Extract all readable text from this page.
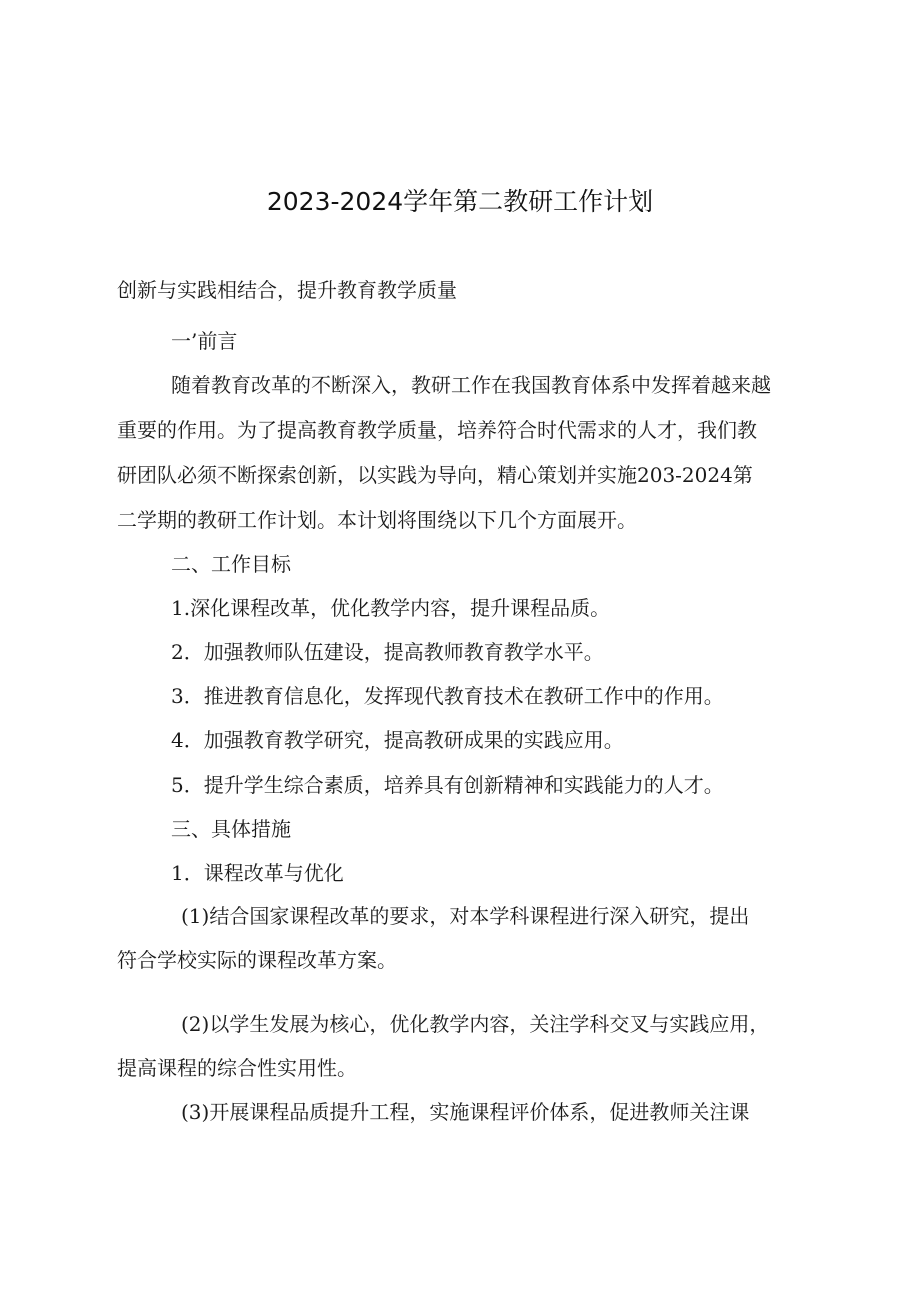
2023-2024学年第二教研工作计划
创新与实践相结合，提升教育教学质量
一’前言
随着教育改革的不断深入，教研工作在我国教育体系中发挥着越来越
重要的作用。为了提高教育教学质量，培养符合时代需求的人才，我们教
研团队必须不断探索创新，以实践为导向，精心策划并实施203-2024第
二学期的教研工作计划。本计划将围绕以下几个方面展开。
二、工作目标
1.深化课程改革，优化教学内容，提升课程品质。
2．加强教师队伍建设，提高教师教育教学水平。
3．推进教育信息化，发挥现代教育技术在教研工作中的作用。
4．加强教育教学研究，提高教研成果的实践应用。
5．提升学生综合素质，培养具有创新精神和实践能力的人才。
三、具体措施
1．课程改革与优化
(1)结合国家课程改革的要求，对本学科课程进行深入研究，提出
符合学校实际的课程改革方案。
(2)以学生发展为核心，优化教学内容，关注学科交叉与实践应用，
提高课程的综合性实用性。
(3)开展课程品质提升工程，实施课程评价体系，促进教师关注课
